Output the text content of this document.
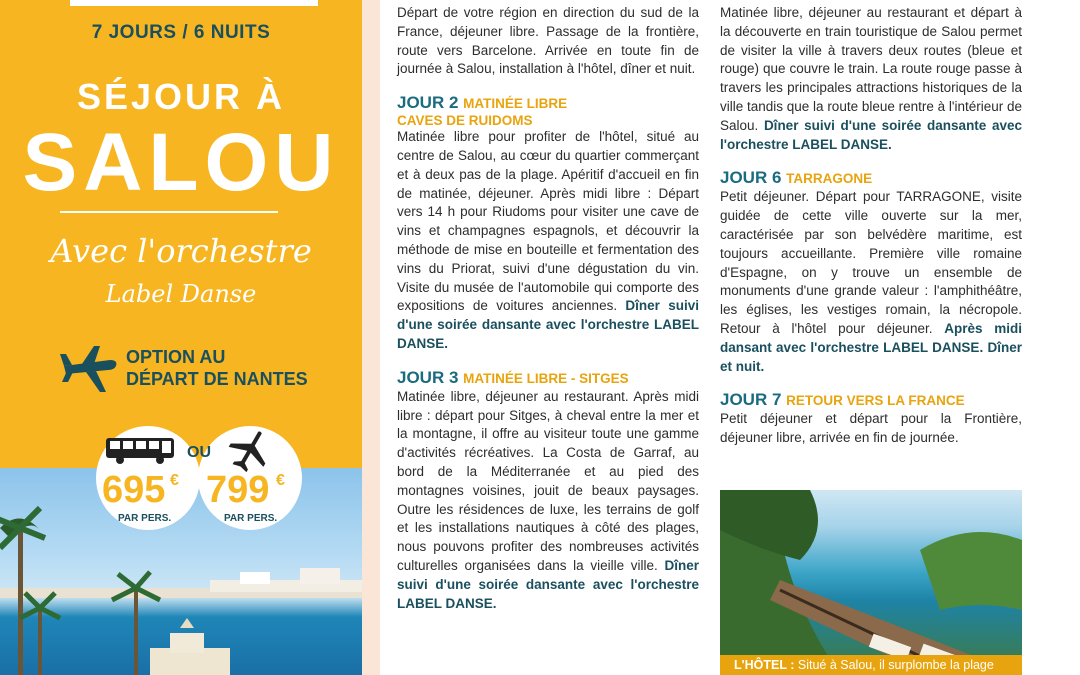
7 JOURS / 6 NUITS
SÉJOUR À
SALOU
Avec l'orchestre
Label Danse
OPTION AU
DÉPART DE NANTES
OU
695 €
PAR PERS.
799 €
PAR PERS.

Départ de votre région en direction du sud de la France, déjeuner libre. Passage de la frontière, route vers Barcelone. Arrivée en toute fin de journée à Salou, installation à l'hôtel, dîner et nuit.

JOUR 2 MATINÉE LIBRE
CAVES DE RUIDOMS

Matinée libre pour profiter de l'hôtel, situé au centre de Salou, au cœur du quartier commerçant et à deux pas de la plage. Apéritif d'accueil en fin de matinée, déjeuner. Après midi libre : Départ vers 14 h pour Riudoms pour visiter une cave de vins et champagnes espagnols, et découvrir la méthode de mise en bouteille et fermentation des vins du Priorat, suivi d'une dégustation du vin. Visite du musée de l'automobile qui comporte des expositions de voitures anciennes. Dîner suivi d'une soirée dansante avec l'orchestre LABEL DANSE.

JOUR 3 MATINÉE LIBRE - SITGES

Matinée libre, déjeuner au restaurant. Après midi libre : départ pour Sitges, à cheval entre la mer et la montagne, il offre au visiteur toute une gamme d'activités récréatives. La Costa de Garraf, au bord de la Méditerranée et au pied des montagnes voisines, jouit de beaux paysages. Outre les résidences de luxe, les terrains de golf et les installations nautiques à côté des plages, nous pouvons profiter des nombreuses activités culturelles organisées dans la vieille ville. Dîner suivi d'une soirée dansante avec l'orchestre LABEL DANSE.

Matinée libre, déjeuner au restaurant et départ à la découverte en train touristique de Salou permet de visiter la ville à travers deux routes (bleue et rouge) que couvre le train. La route rouge passe à travers les principales attractions historiques de la ville tandis que la route bleue rentre à l'intérieur de Salou. Dîner suivi d'une soirée dansante avec l'orchestre LABEL DANSE.

JOUR 6 TARRAGONE

Petit déjeuner. Départ pour TARRAGONE, visite guidée de cette ville ouverte sur la mer, caractérisée par son belvédère maritime, est toujours accueillante. Première ville romaine d'Espagne, on y trouve un ensemble de monuments d'une grande valeur : l'amphithéâtre, les églises, les vestiges romain, la nécropole. Retour à l'hôtel pour déjeuner. Après midi dansant avec l'orchestre LABEL DANSE. Dîner et nuit.

JOUR 7 RETOUR VERS LA FRANCE

Petit déjeuner et départ pour la Frontière, déjeuner libre, arrivée en fin de journée.

L'HÔTEL : Situé à Salou, il surplombe la plage
